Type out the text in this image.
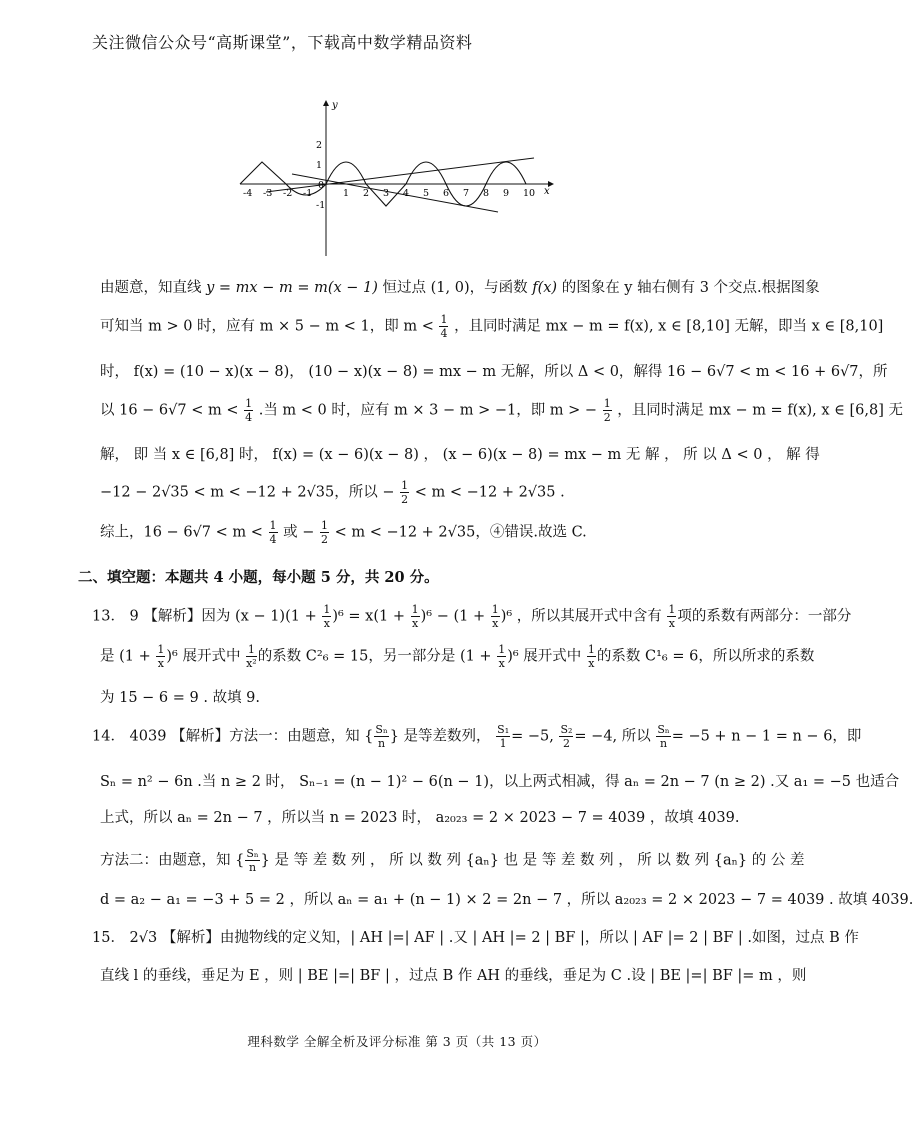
关注微信公众号“高斯课堂”，下载高中数学精品资料
y
x
-4 -3 -2 -1	1 2 3 4 5 6 7 8 9 10
2
1
0
-1
由题意，知直线 y = mx − m = m(x − 1) 恒过点 (1, 0)，与函数 f(x) 的图象在 y 轴右侧有 3 个交点.根据图象
可知当 m > 0 时，应有 m × 5 − m < 1，即 $m < \frac{1}{4}$ ，且同时满足 mx − m = f(x), x ∈ [8,10] 无解，即当 x ∈ [8,10]
时， f(x) = (10 − x)(x − 8)， (10 − x)(x − 8) = mx − m 无解，所以 Δ < 0，解得 16 − 6√7 < m < 16 + 6√7，所
以 $16 - 6√7 < m < \frac{1}{4}$ .当 m < 0 时，应有 m × 3 − m > −1，即 m > − $\frac{1}{2}$ ，且同时满足 mx − m = f(x), x ∈ [6,8] 无
解， 即 当 x ∈ [6,8] 时， f(x) = (x − 6)(x − 8) ， (x − 6)(x − 8) = mx − m 无 解 ， 所 以 Δ < 0 ， 解 得
−12 − 2√35 < m < −12 + 2√35，所以 − $\frac{1}{2} < m < -12 + 2√35$ .
综上，$16 - 6√7 < m < \frac{1}{4}$ 或 − $\frac{1}{2} < m < -12 + 2√35$，④错误.故选 C.
二、填空题：本题共 4 小题，每小题 5 分，共 20 分。
13． 9 【解析】因为 $(x - 1)(1 + \frac{1}{x} )^6 = x(1 + \frac{1}{x} )^6 - (1 + \frac{1}{x} )^6$ ，所以其展开式中含有 $\frac{1}{x}$ 项的系数有两部分：一部分
是 $(1 + \frac{1}{x} )^6$ 展开式中 $\frac{1}{\text{x²}}$ 的系数 C²₆ = 15，另一部分是 $(1 + \frac{1}{x} )^6$ 展开式中 $\frac{1}{x}$ 的系数 C¹₆ = 6，所以所求的系数
为 15 − 6 = 9 . 故填 9.
14． 4039 【解析】方法一：由题意，知 { $\frac{\text{Sₙ}}{n}$ } 是等差数列， $\frac{\text{S₁}}{1} = -5$, $\frac{\text{S₂}}{2} = -4$, 所以 $\frac{\text{Sₙ}}{n} = -5 + n - 1 = n - 6$，即
Sₙ = n² − 6n .当 n ≥ 2 时， Sₙ₋₁ = (n − 1)² − 6(n − 1)，以上两式相减，得 aₙ = 2n − 7 (n ≥ 2) .又 a₁ = −5 也适合
上式，所以 aₙ = 2n − 7 ，所以当 n = 2023 时， a₂₀₂₃ = 2 × 2023 − 7 = 4039 ，故填 4039.
方法二：由题意，知 { $\frac{\text{Sₙ}}{n}$ } 是 等 差 数 列 ， 所 以 数 列 {aₙ} 也 是 等 差 数 列 ， 所 以 数 列 {aₙ} 的 公 差
d = a₂ − a₁ = −3 + 5 = 2 ，所以 aₙ = a₁ + (n − 1) × 2 = 2n − 7 ，所以 a₂₀₂₃ = 2 × 2023 − 7 = 4039 . 故填 4039.
15． 2√3 【解析】由抛物线的定义知，| AH |=| AF | .又 | AH |= 2 | BF |，所以 | AF |= 2 | BF | .如图，过点 B 作
直线 l 的垂线，垂足为 E ，则 | BE |=| BF | ，过点 B 作 AH 的垂线，垂足为 C .设 | BE |=| BF |= m ，则
理科数学 全解全析及评分标准 第 3 页（共 13 页）
